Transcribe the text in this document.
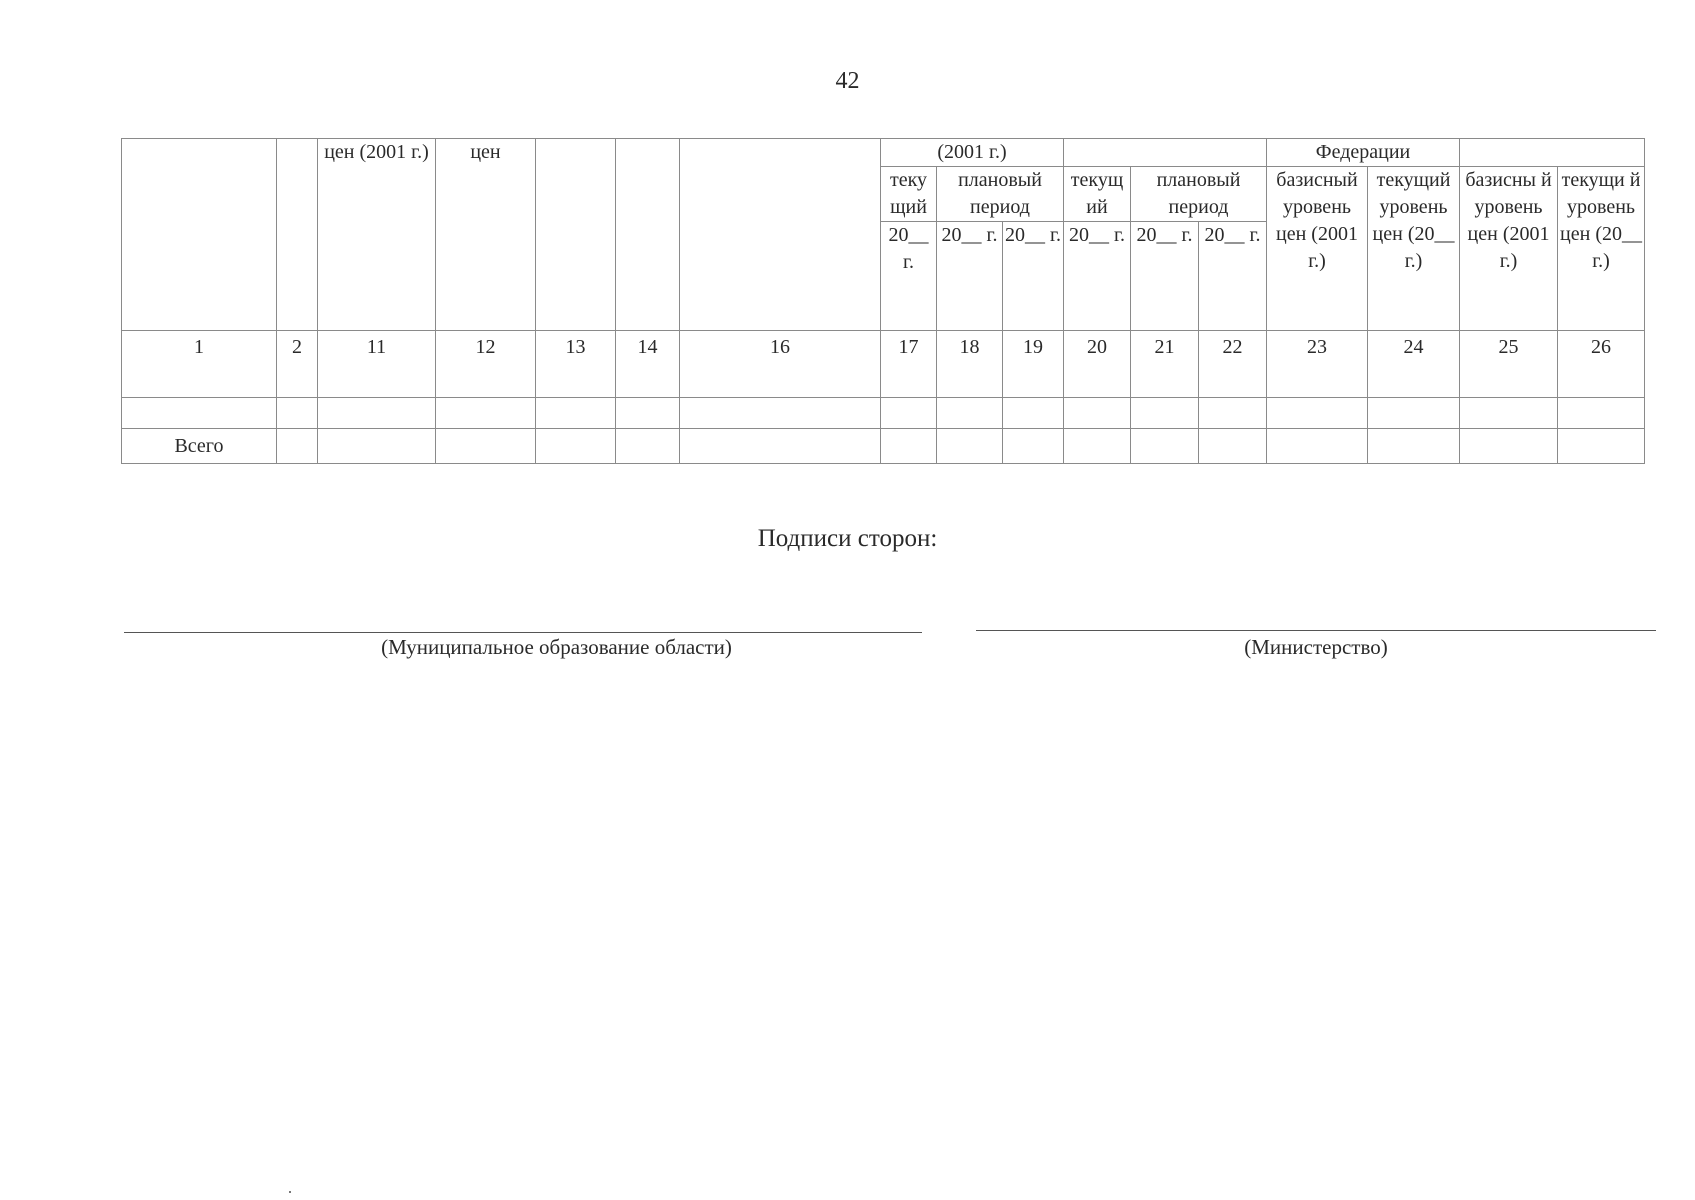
42
		цен (2001 г.)	цен				(2001 г.)						Федерации			
							теку щий	плановый период		текущ ий	плановый период		базисный уровень цен (2001 г.)	текущий уровень цен (20__ г.)	базисны й уровень цен (2001 г.)	текущи й уровень цен (20__ г.)
							20__ г.	20__ г.	20__ г.	20__ г.	20__ г.	20__ г.				
1	2	11	12	13	14	16	17	18	19	20	21	22	23	24	25	26

Всего																
Подписи сторон:
(Муниципальное образование области)	(Министерство)
